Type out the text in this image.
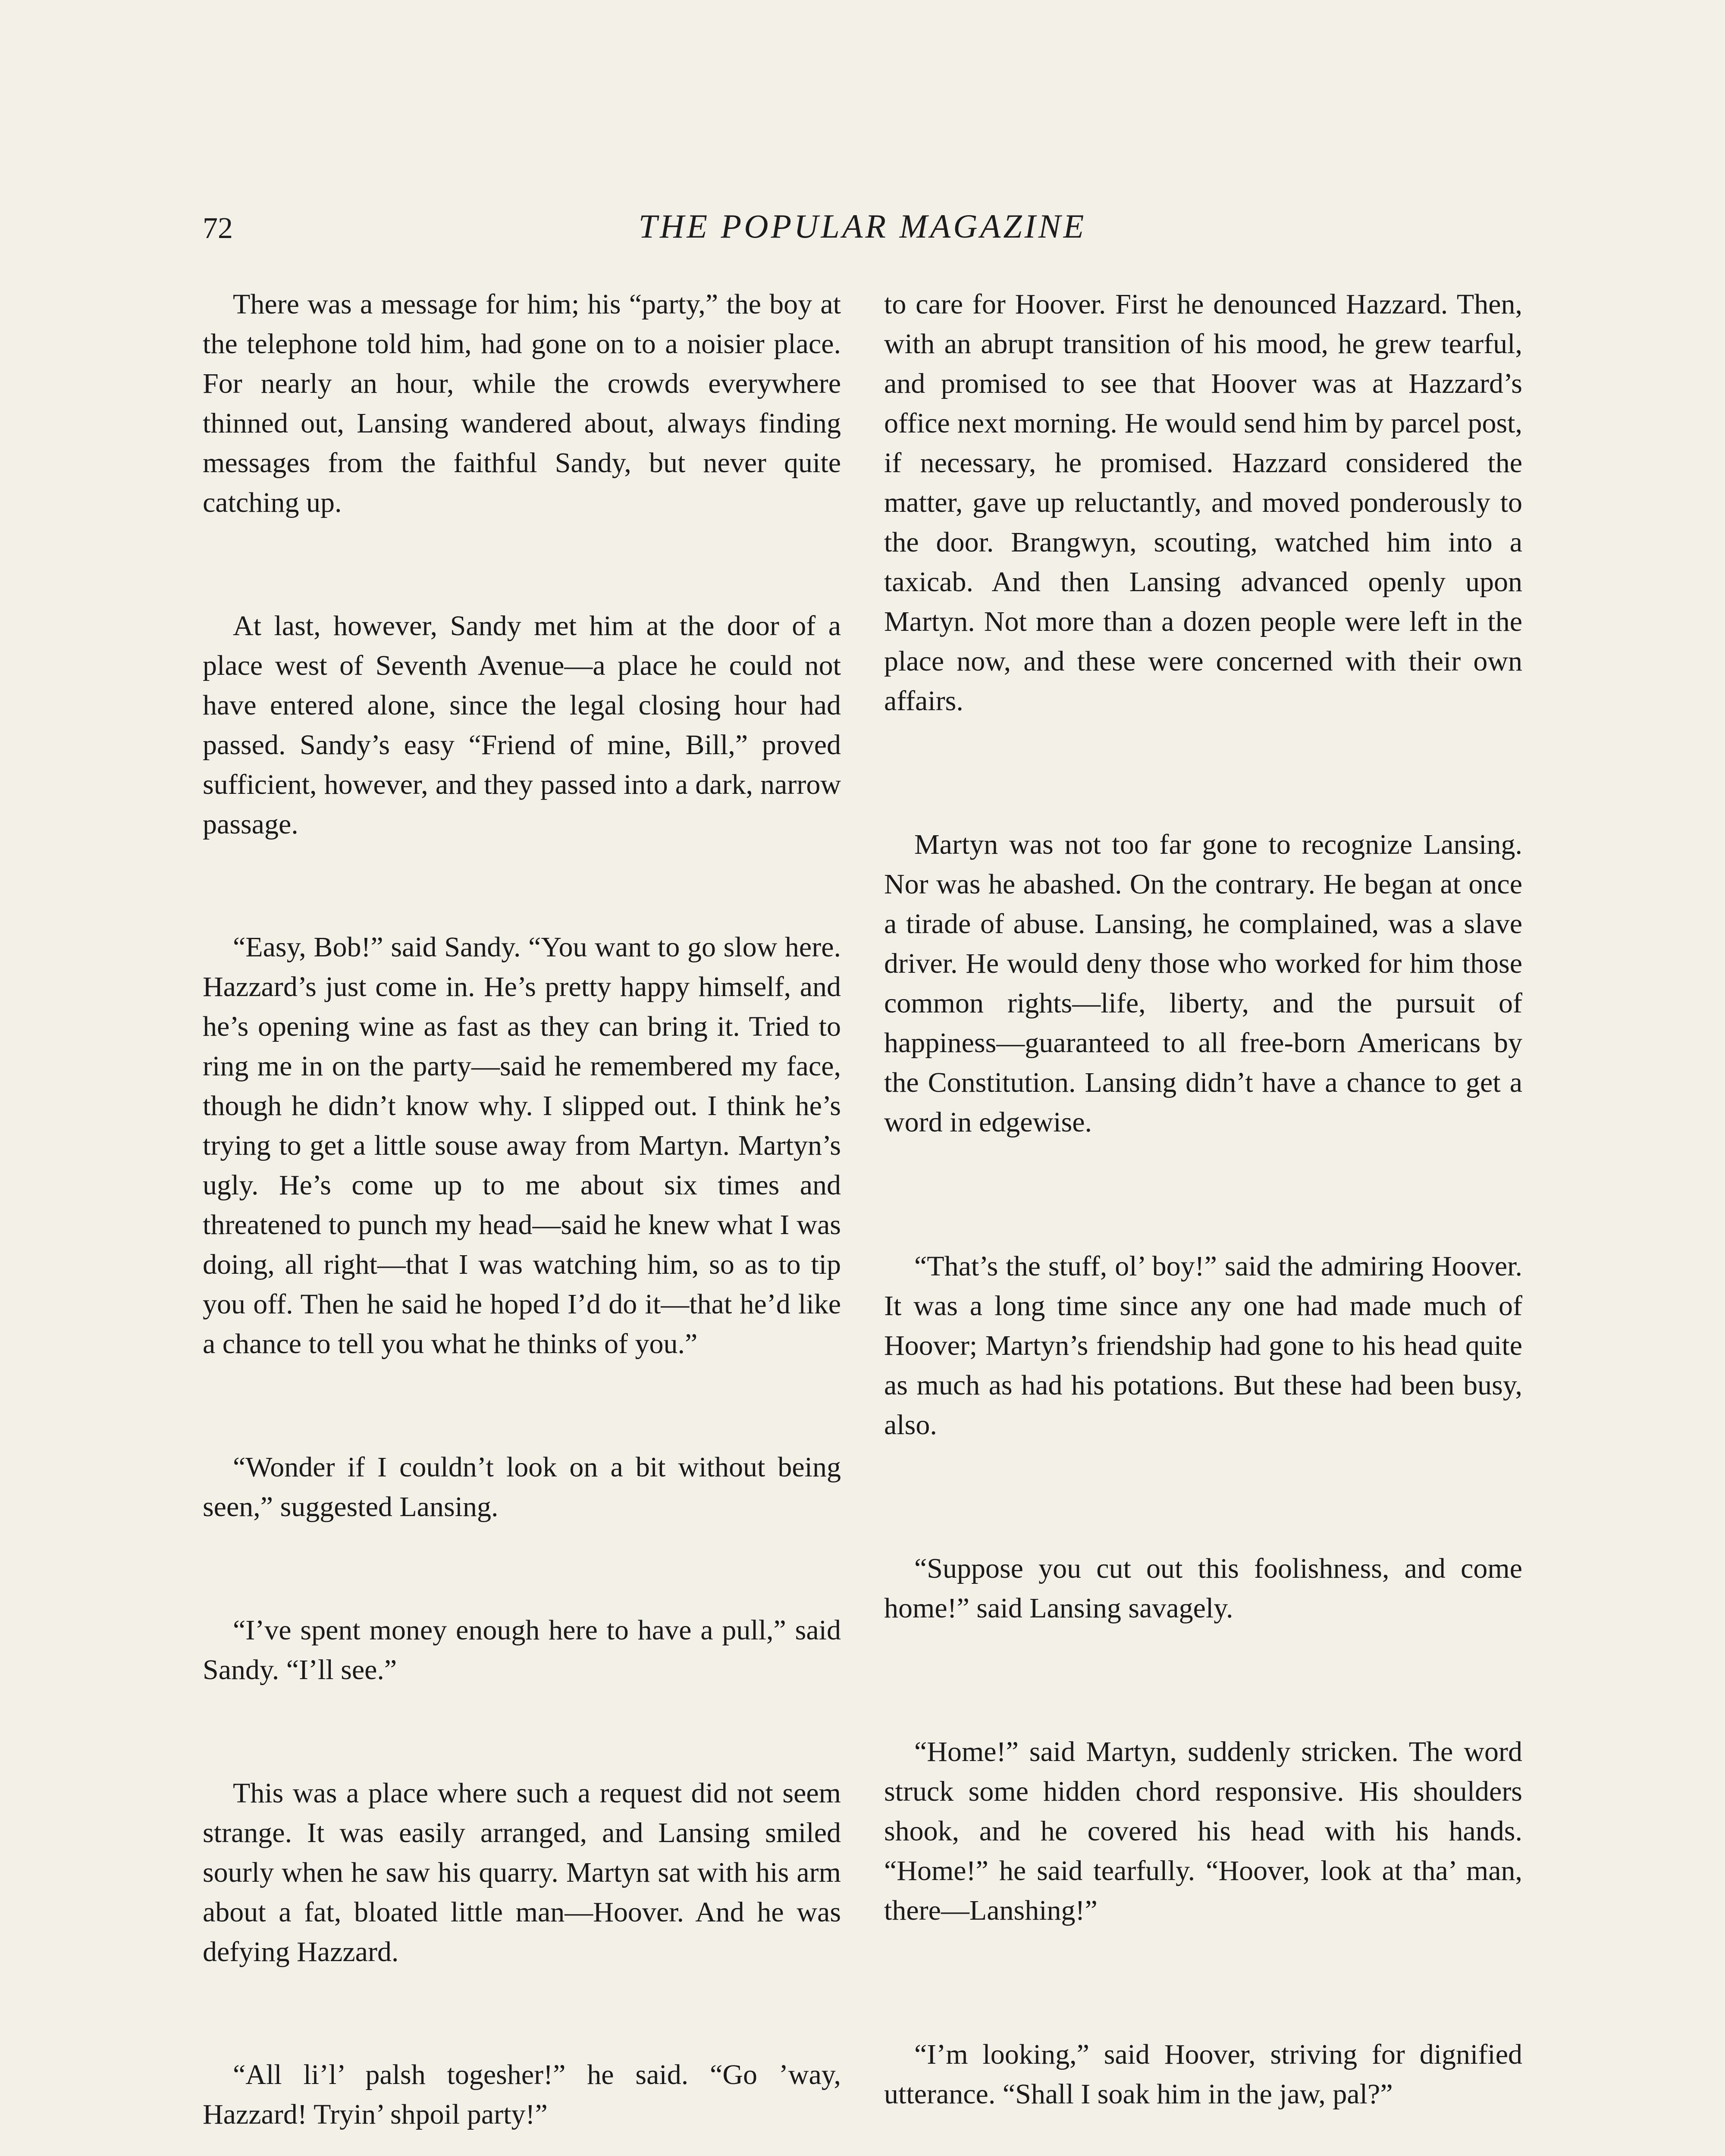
72	THE POPULAR MAGAZINE

There was a message for him; his “party,” the boy at the telephone told him, had gone on to a noisier place. For nearly an hour, while the crowds everywhere thinned out, Lansing wandered about, always finding messages from the faithful Sandy, but never quite catching up.

At last, however, Sandy met him at the door of a place west of Seventh Avenue—a place he could not have entered alone, since the legal closing hour had passed. Sandy’s easy “Friend of mine, Bill,” proved sufficient, however, and they passed into a dark, narrow passage.

“Easy, Bob!” said Sandy. “You want to go slow here. Hazzard’s just come in. He’s pretty happy himself, and he’s opening wine as fast as they can bring it. Tried to ring me in on the party—said he remembered my face, though he didn’t know why. I slipped out. I think he’s trying to get a little souse away from Martyn. Martyn’s ugly. He’s come up to me about six times and threatened to punch my head—said he knew what I was doing, all right—that I was watching him, so as to tip you off. Then he said he hoped I’d do it—that he’d like a chance to tell you what he thinks of you.”

“Wonder if I couldn’t look on a bit without being seen,” suggested Lansing.

“I’ve spent money enough here to have a pull,” said Sandy. “I’ll see.”

This was a place where such a request did not seem strange. It was easily arranged, and Lansing smiled sourly when he saw his quarry. Martyn sat with his arm about a fat, bloated little man—Hoover. And he was defying Hazzard.

“All li’l’ palsh togesher!” he said. “Go ’way, Hazzard! Tryin’ shpoil party!”

to care for Hoover. First he denounced Hazzard. Then, with an abrupt transition of his mood, he grew tearful, and promised to see that Hoover was at Hazzard’s office next morning. He would send him by parcel post, if necessary, he promised. Hazzard considered the matter, gave up reluctantly, and moved ponderously to the door. Brangwyn, scouting, watched him into a taxicab. And then Lansing advanced openly upon Martyn. Not more than a dozen people were left in the place now, and these were concerned with their own affairs.

Martyn was not too far gone to recognize Lansing. Nor was he abashed. On the contrary. He began at once a tirade of abuse. Lansing, he complained, was a slave driver. He would deny those who worked for him those common rights—life, liberty, and the pursuit of happiness—guaranteed to all free-born Americans by the Constitution. Lansing didn’t have a chance to get a word in edgewise.

“That’s the stuff, ol’ boy!” said the admiring Hoover. It was a long time since any one had made much of Hoover; Martyn’s friendship had gone to his head quite as much as had his potations. But these had been busy, also.

“Suppose you cut out this foolishness, and come home!” said Lansing savagely.

“Home!” said Martyn, suddenly stricken. The word struck some hidden chord responsive. His shoulders shook, and he covered his head with his hands. “Home!” he said tearfully. “Hoover, look at tha’ man, there—Lanshing!”

“I’m looking,” said Hoover, striving for dignified utterance. “Shall I soak him in the jaw, pal?”
